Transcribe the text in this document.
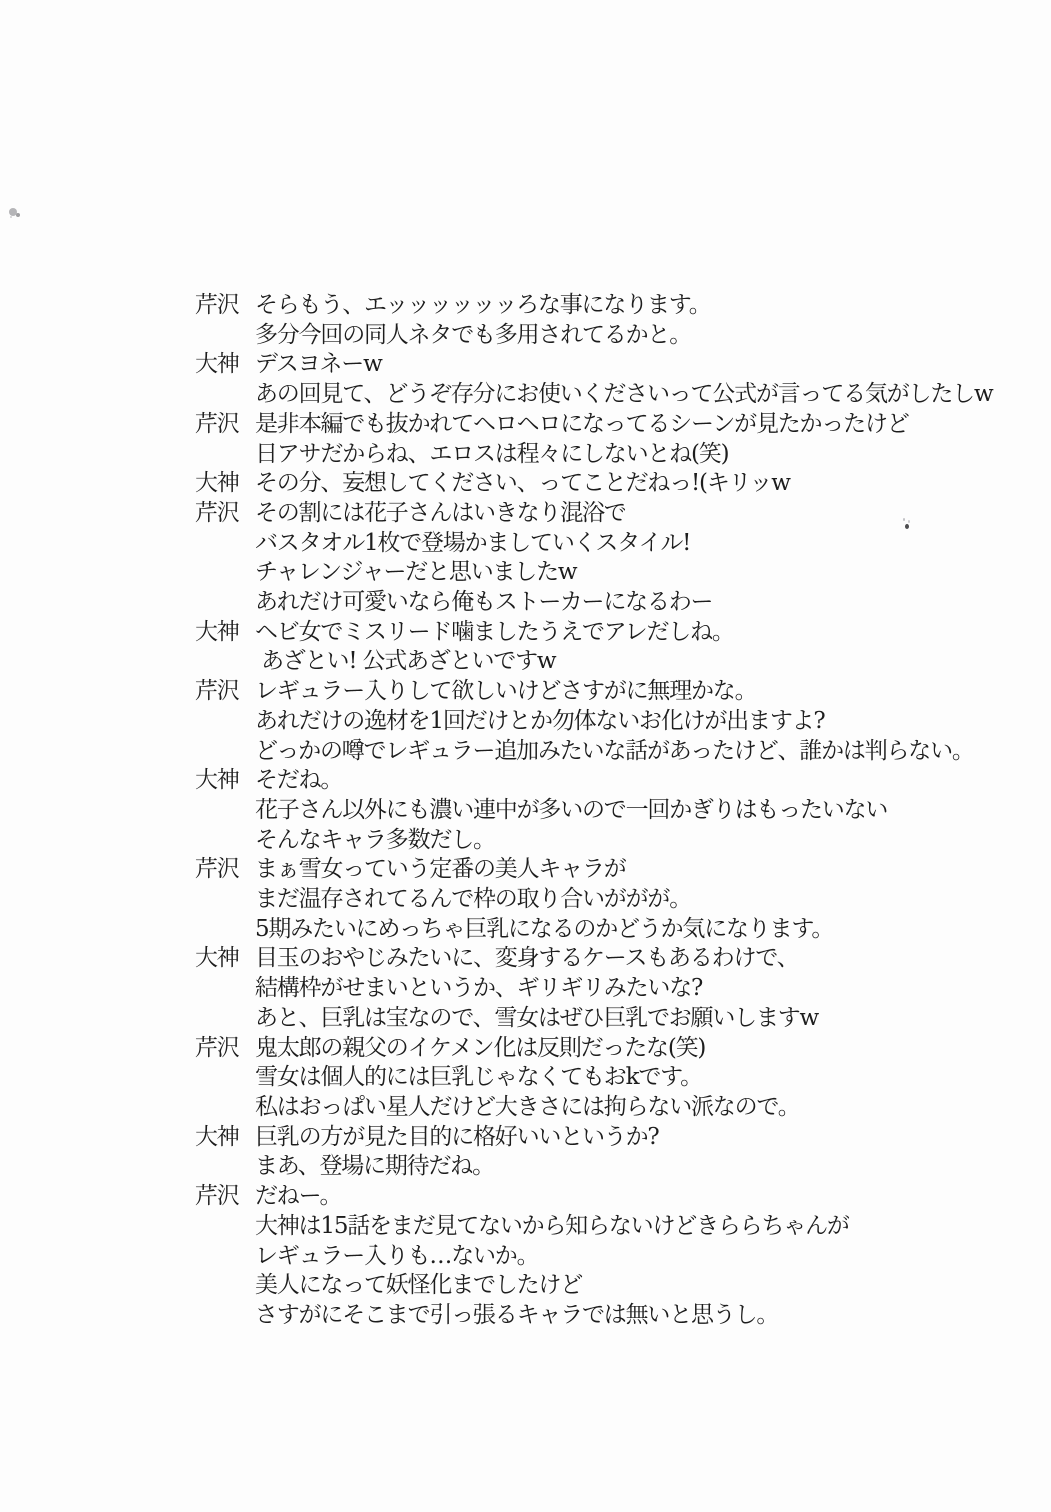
芹沢 そらもう、エッッッッッッろな事になります。
多分今回の同人ネタでも多用されてるかと。
大神 デスヨネーw
あの回見て、どうぞ存分にお使いくださいって公式が言ってる気がしたしw
芹沢 是非本編でも抜かれてヘロヘロになってるシーンが見たかったけど
日アサだからね、エロスは程々にしないとね(笑)
大神 その分、妄想してください、ってことだねっ!(キリッw
芹沢 その割には花子さんはいきなり混浴で
バスタオル1枚で登場かましていくスタイル!
チャレンジャーだと思いましたw
あれだけ可愛いなら俺もストーカーになるわー
大神 ヘビ女でミスリード噛ましたうえでアレだしね。
あざとい! 公式あざといですw
芹沢 レギュラー入りして欲しいけどさすがに無理かな。
あれだけの逸材を1回だけとか勿体ないお化けが出ますよ?
どっかの噂でレギュラー追加みたいな話があったけど、誰かは判らない。
大神 そだね。
花子さん以外にも濃い連中が多いので一回かぎりはもったいない
そんなキャラ多数だし。
芹沢 まぁ雪女っていう定番の美人キャラが
まだ温存されてるんで枠の取り合いががが。
5期みたいにめっちゃ巨乳になるのかどうか気になります。
大神 目玉のおやじみたいに、変身するケースもあるわけで、
結構枠がせまいというか、ギリギリみたいな?
あと、巨乳は宝なので、雪女はぜひ巨乳でお願いしますw
芹沢 鬼太郎の親父のイケメン化は反則だったな(笑)
雪女は個人的には巨乳じゃなくてもおkです。
私はおっぱい星人だけど大きさには拘らない派なので。
大神 巨乳の方が見た目的に格好いいというか?
まあ、登場に期待だね。
芹沢 だねー。
大神は15話をまだ見てないから知らないけどきららちゃんが
レギュラー入りも…ないか。
美人になって妖怪化までしたけど
さすがにそこまで引っ張るキャラでは無いと思うし。
